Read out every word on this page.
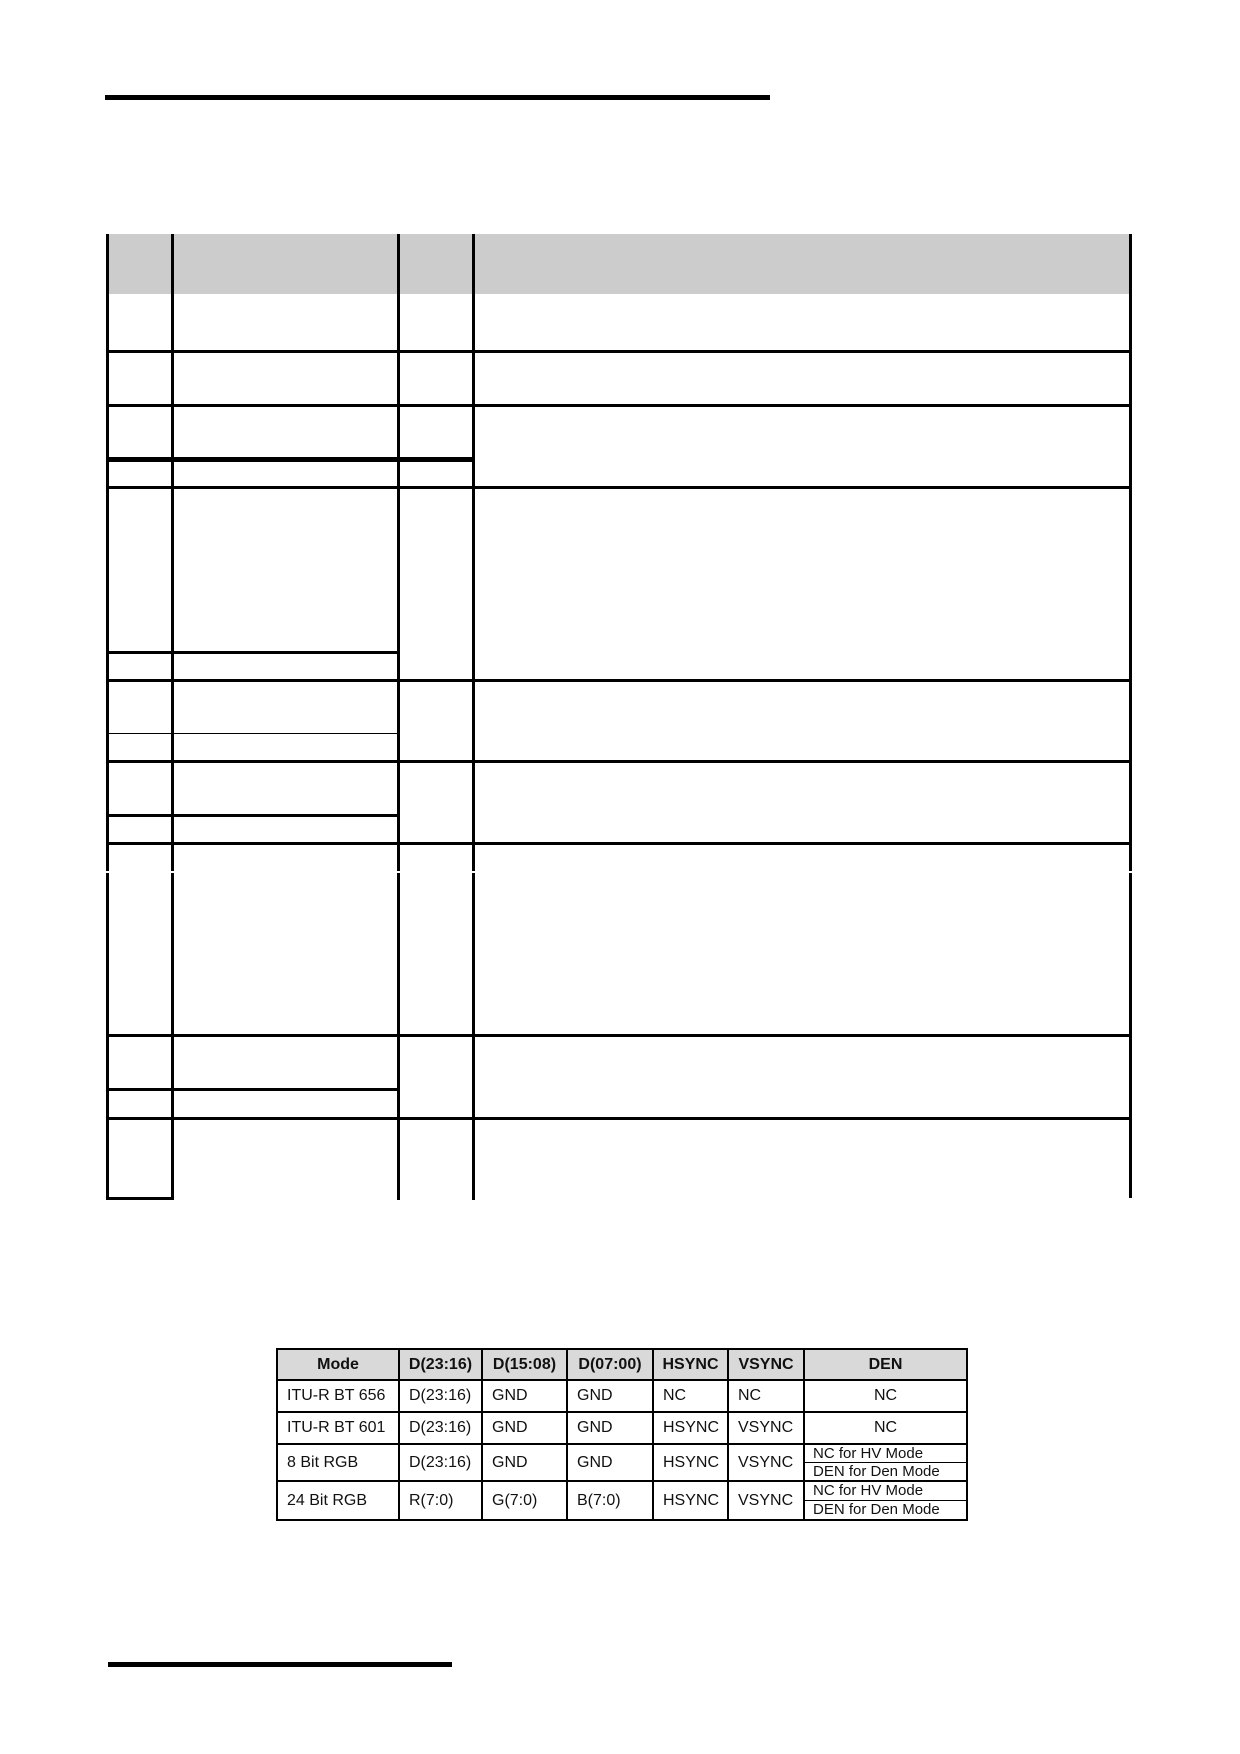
Mode	D(23:16)	D(15:08)	D(07:00)	HSYNC	VSYNC	DEN
ITU-R BT 656	D(23:16)	GND	GND	NC	NC	NC
ITU-R BT 601	D(23:16)	GND	GND	HSYNC	VSYNC	NC
8 Bit RGB	D(23:16)	GND	GND	HSYNC	VSYNC	NC for HV Mode
DEN for Den Mode

24 Bit RGB	R(7:0)	G(7:0)	B(7:0)	HSYNC	VSYNC	NC for HV Mode
DEN for Den Mode
